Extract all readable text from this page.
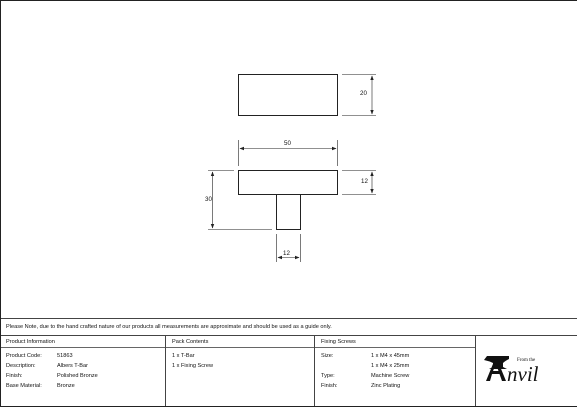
20
50
12
30
12
Please Note, due to the hand crafted nature of our products all measurements are approximate and should be used as a guide only.
Product Information
Product Code:	51863
Description:	Albers T-Bar
Finish:	Polished Bronze
Base Material:	Bronze
Pack Contents
1 x T-Bar
1 x Fixing Screw
Fixing Screws
Size:	1 x M4 x 45mm
1 x M4 x 25mm
Type:	Machine Screw
Finish:	Zinc Plating
From the
nvil
